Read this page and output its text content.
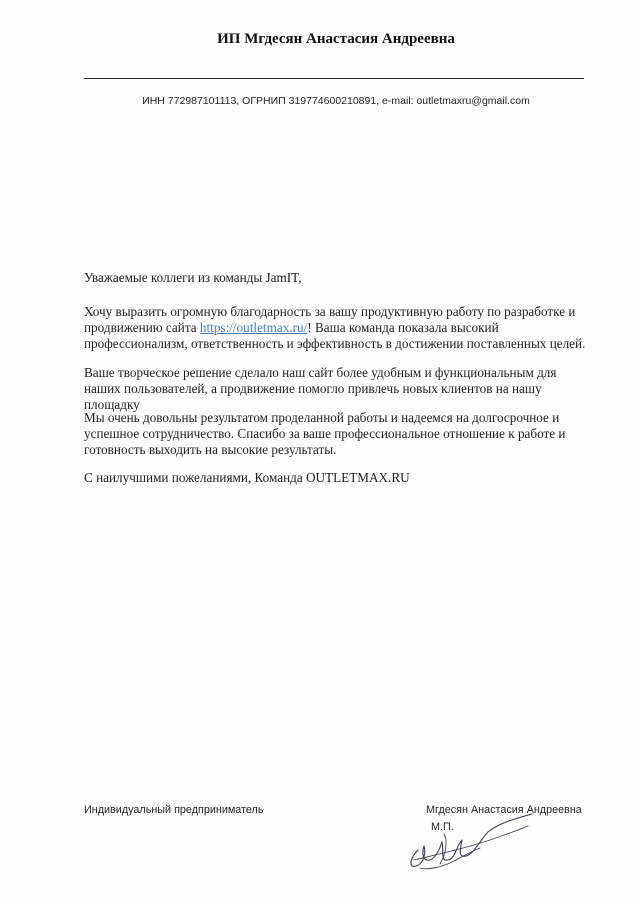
ИП Мгдесян Анастасия Андреевна
ИНН 772987101113, ОГРНИП 319774600210891, e-mail: outletmaxru@gmail.com
Уважаемые коллеги из команды JamIT,
Хочу выразить огромную благодарность за вашу продуктивную работу по разработке и продвижению сайта https://outletmax.ru/! Ваша команда показала высокий профессионализм, ответственность и эффективность в достижении поставленных целей.
Ваше творческое решение сделало наш сайт более удобным и функциональным для наших пользователей, а продвижение помогло привлечь новых клиентов на нашу площадку
Мы очень довольны результатом проделанной работы и надеемся на долгосрочное и успешное сотрудничество. Спасибо за ваше профессиональное отношение к работе и готовность выходить на высокие результаты.
С наилучшими пожеланиями, Команда OUTLETMAX.RU
Индивидуальный предприниматель	Мгдесян Анастасия Андреевна
М.П.
